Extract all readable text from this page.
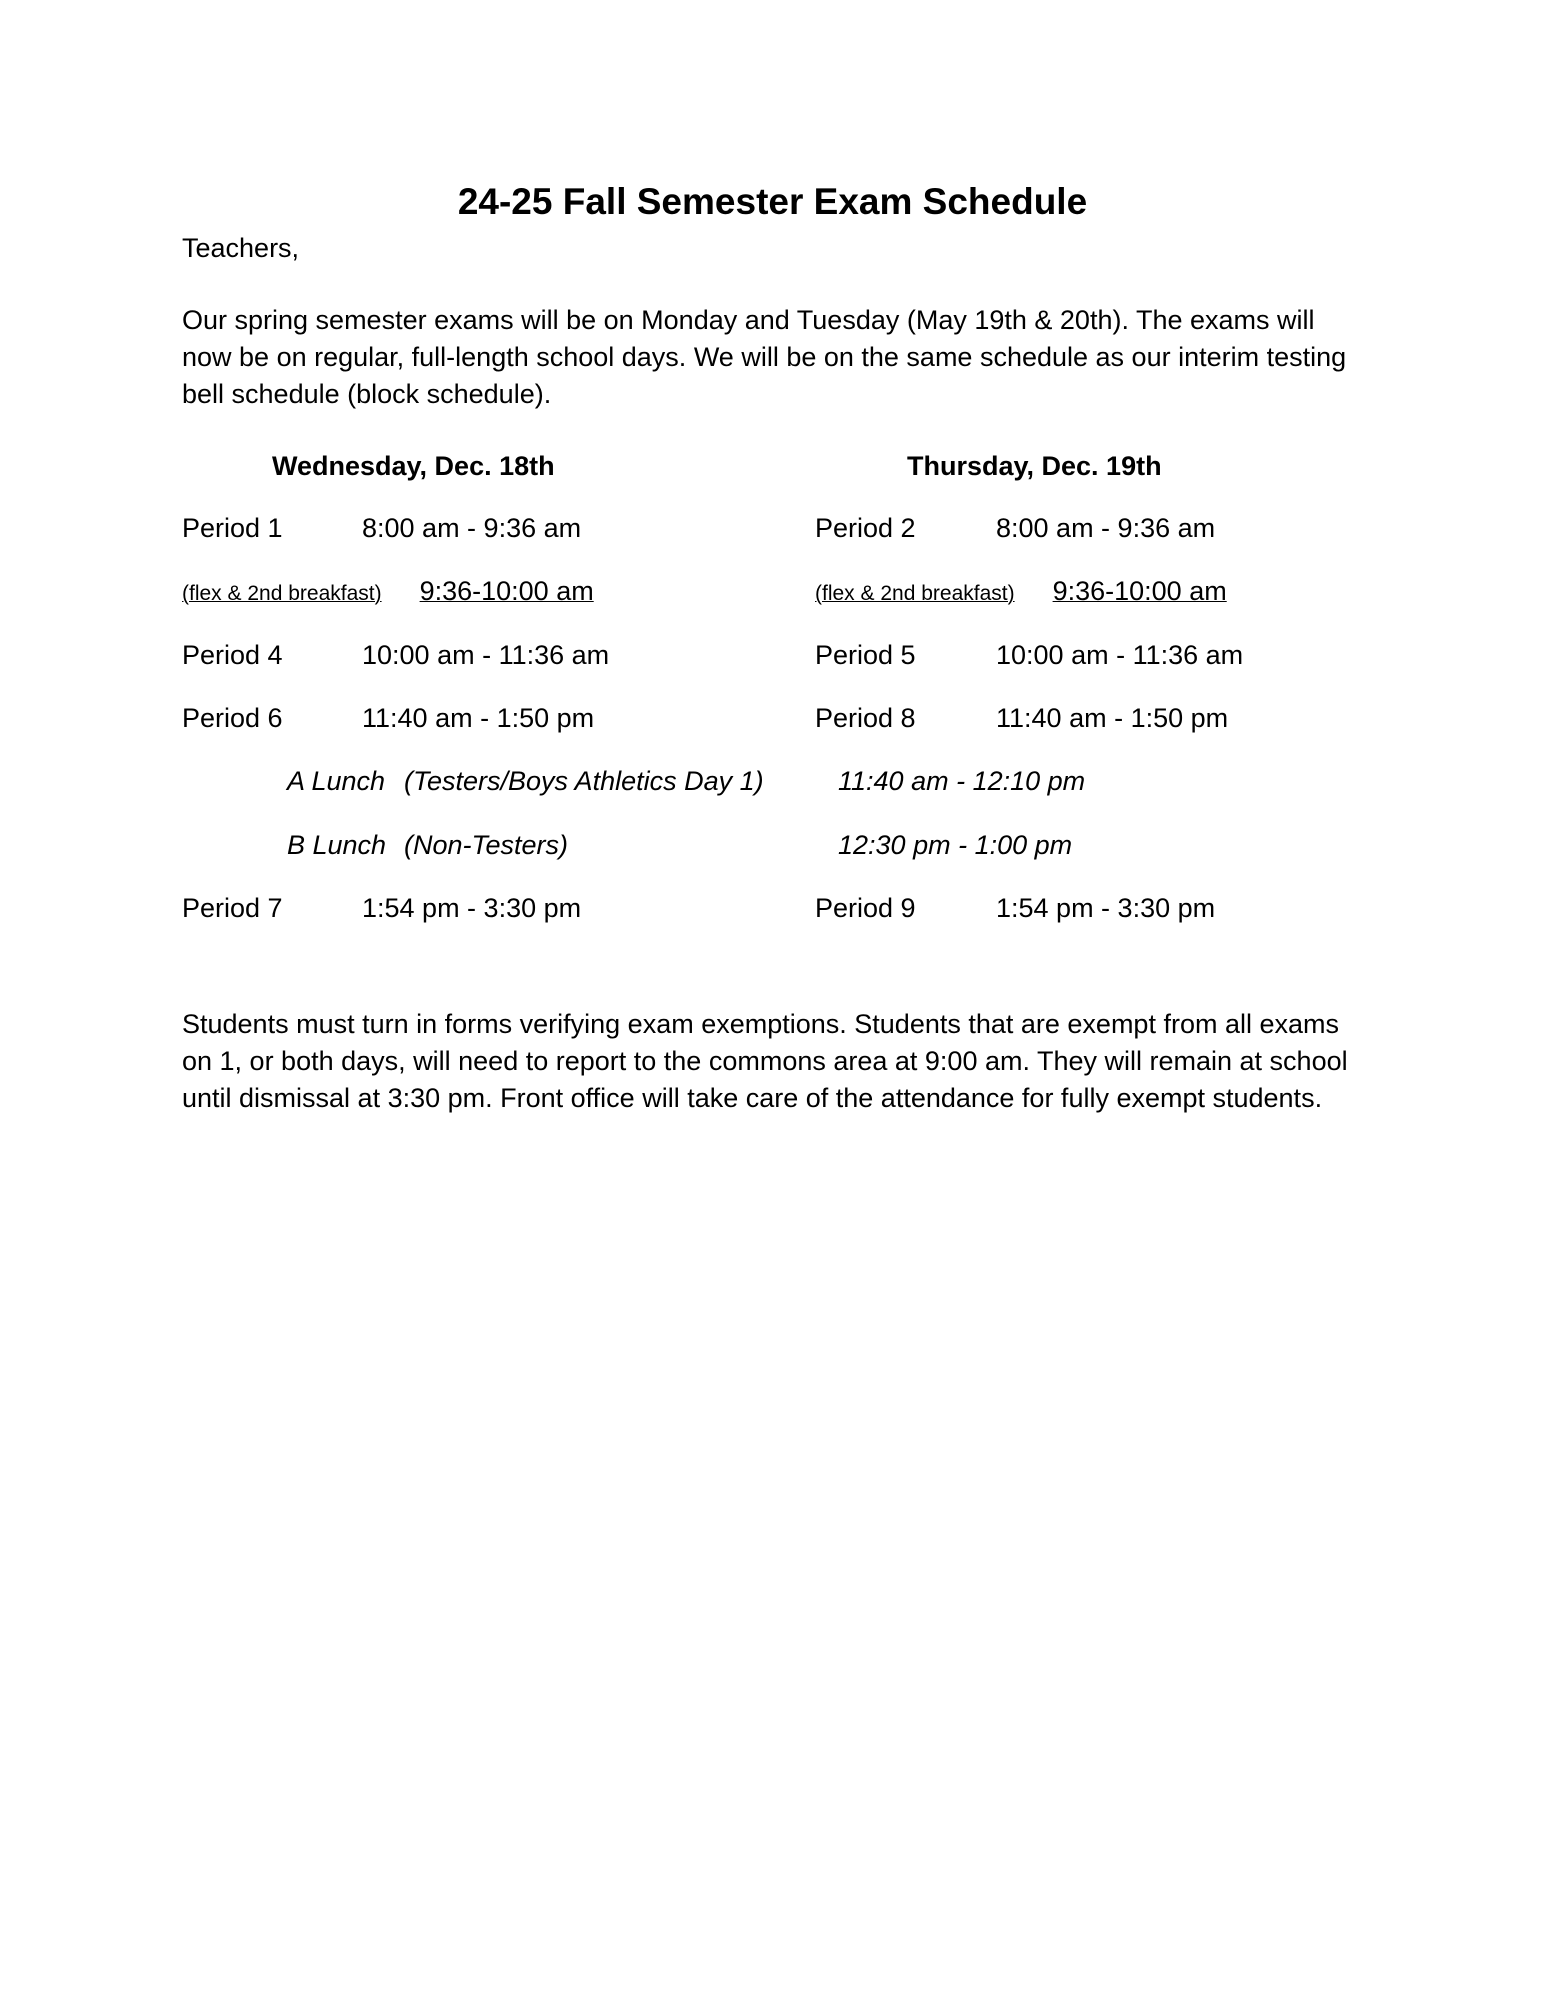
24-25 Fall Semester Exam Schedule

Teachers,

Our spring semester exams will be on Monday and Tuesday (May 19th & 20th). The exams will now be on regular, full-length school days. We will be on the same schedule as our interim testing bell schedule (block schedule).

Wednesday, Dec. 18th
Period 1	8:00 am - 9:36 am
(flex & 2nd breakfast) 9:36-10:00 am
Period 4	10:00 am - 11:36 am
Period 6	11:40 am - 1:50 pm
A Lunch (Testers/Boys Athletics Day 1)	11:40 am - 12:10 pm
B Lunch (Non-Testers)	12:30 pm - 1:00 pm
Period 7	1:54 pm - 3:30 pm
Thursday, Dec. 19th
Period 2	8:00 am - 9:36 am
(flex & 2nd breakfast) 9:36-10:00 am
Period 5	10:00 am - 11:36 am
Period 8	11:40 am - 1:50 pm
Period 9	1:54 pm - 3:30 pm

Students must turn in forms verifying exam exemptions. Students that are exempt from all exams on 1, or both days, will need to report to the commons area at 9:00 am. They will remain at school until dismissal at 3:30 pm. Front office will take care of the attendance for fully exempt students.
